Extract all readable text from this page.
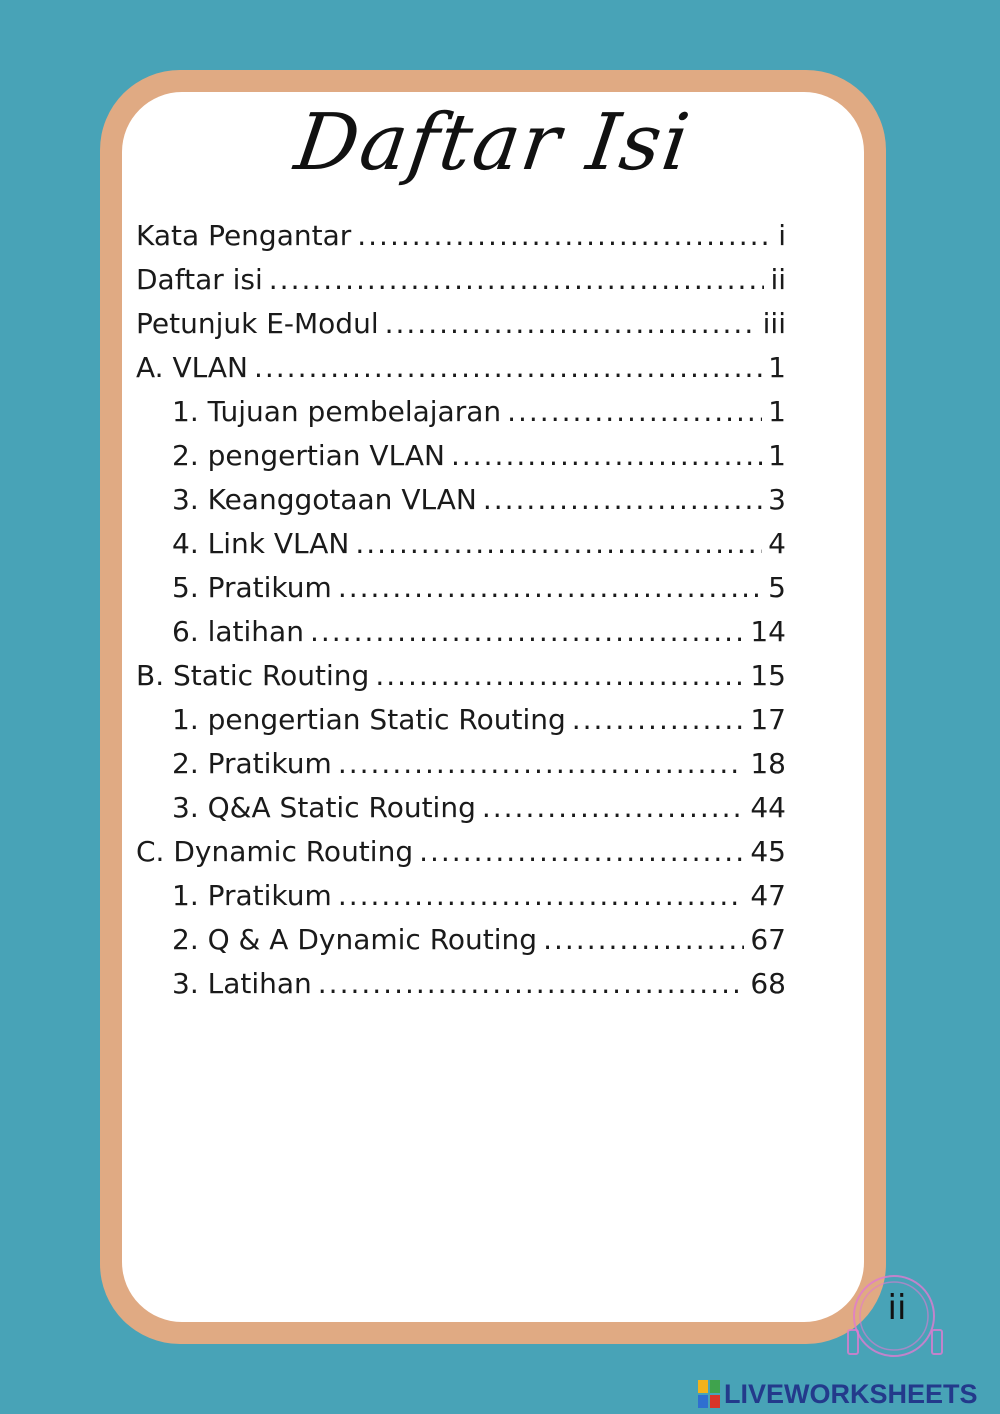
Daftar Isi
Kata Pengantar .....	i
Daftar isi .....	ii
Petunjuk E-Modul .....	iii
A. VLAN .....	1
1. Tujuan pembelajaran .....	1
2. pengertian VLAN .....	1
3. Keanggotaan VLAN .....	3
4. Link VLAN .....	4
5. Pratikum .....	5
6. latihan .....	14
B. Static Routing .....	15
1. pengertian Static Routing .....	17
2. Pratikum .....	18
3. Q&A Static Routing .....	44
C. Dynamic Routing .....	45
1. Pratikum .....	47
2. Q & A Dynamic Routing .....	67
3. Latihan .....	68
ii
LIVEWORKSHEETS
